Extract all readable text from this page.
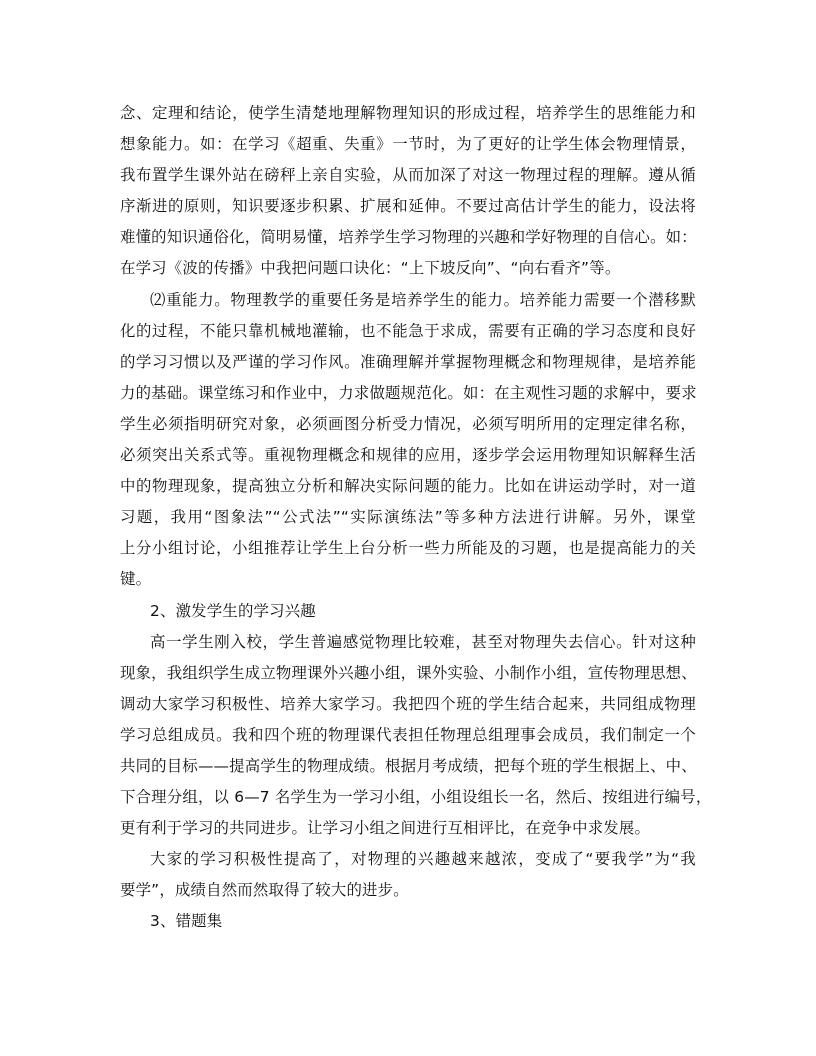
念、定理和结论，使学生清楚地理解物理知识的形成过程，培养学生的思维能力和
想象能力。如：在学习《超重、失重》一节时，为了更好的让学生体会物理情景，
我布置学生课外站在磅秤上亲自实验，从而加深了对这一物理过程的理解。遵从循
序渐进的原则，知识要逐步积累、扩展和延伸。不要过高估计学生的能力，设法将
难懂的知识通俗化，简明易懂，培养学生学习物理的兴趣和学好物理的自信心。如：
在学习《波的传播》中我把问题口诀化：“上下坡反向”、“向右看齐”等。
⑵重能力。物理教学的重要任务是培养学生的能力。培养能力需要一个潜移默
化的过程，不能只靠机械地灌输，也不能急于求成，需要有正确的学习态度和良好
的学习习惯以及严谨的学习作风。准确理解并掌握物理概念和物理规律，是培养能
力的基础。课堂练习和作业中，力求做题规范化。如：在主观性习题的求解中，要求
学生必须指明研究对象，必须画图分析受力情况，必须写明所用的定理定律名称，
必须突出关系式等。重视物理概念和规律的应用，逐步学会运用物理知识解释生活
中的物理现象，提高独立分析和解决实际问题的能力。比如在讲运动学时，对一道
习题，我用“图象法”“公式法”“实际演练法”等多种方法进行讲解。另外，课堂
上分小组讨论，小组推荐让学生上台分析一些力所能及的习题，也是提高能力的关
键。
2、激发学生的学习兴趣
高一学生刚入校，学生普遍感觉物理比较难，甚至对物理失去信心。针对这种
现象，我组织学生成立物理课外兴趣小组，课外实验、小制作小组，宣传物理思想、
调动大家学习积极性、培养大家学习。我把四个班的学生结合起来，共同组成物理
学习总组成员。我和四个班的物理课代表担任物理总组理事会成员，我们制定一个
共同的目标——提高学生的物理成绩。根据月考成绩，把每个班的学生根据上、中、
下合理分组，以 6—7 名学生为一学习小组，小组设组长一名，然后、按组进行编号，
更有利于学习的共同进步。让学习小组之间进行互相评比，在竞争中求发展。
大家的学习积极性提高了，对物理的兴趣越来越浓，变成了“要我学”为“我
要学”，成绩自然而然取得了较大的进步。
3、错题集
